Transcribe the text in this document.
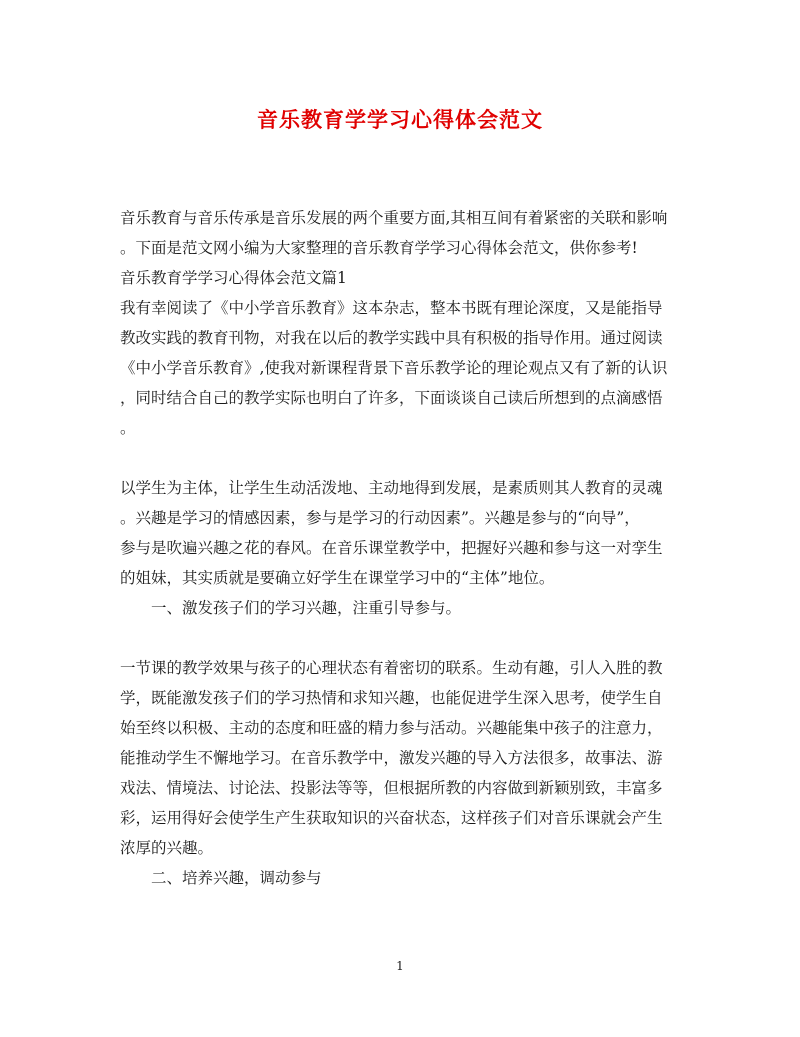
音乐教育学学习心得体会范文
音乐教育与音乐传承是音乐发展的两个重要方面,其相互间有着紧密的关联和影响
。下面是范文网小编为大家整理的音乐教育学学习心得体会范文，供你参考!
音乐教育学学习心得体会范文篇1
我有幸阅读了《中小学音乐教育》这本杂志，整本书既有理论深度，又是能指导
教改实践的教育刊物，对我在以后的教学实践中具有积极的指导作用。通过阅读
《中小学音乐教育》,使我对新课程背景下音乐教学论的理论观点又有了新的认识
，同时结合自己的教学实际也明白了许多，下面谈谈自己读后所想到的点滴感悟
。
以学生为主体，让学生生动活泼地、主动地得到发展，是素质则其人教育的灵魂
。兴趣是学习的情感因素，参与是学习的行动因素”。兴趣是参与的“向导”，
参与是吹遍兴趣之花的春风。在音乐课堂教学中，把握好兴趣和参与这一对孪生
的姐妹，其实质就是要确立好学生在课堂学习中的“主体”地位。
一、激发孩子们的学习兴趣，注重引导参与。
一节课的教学效果与孩子的心理状态有着密切的联系。生动有趣，引人入胜的教
学，既能激发孩子们的学习热情和求知兴趣，也能促进学生深入思考，使学生自
始至终以积极、主动的态度和旺盛的精力参与活动。兴趣能集中孩子的注意力，
能推动学生不懈地学习。在音乐教学中，激发兴趣的导入方法很多，故事法、游
戏法、情境法、讨论法、投影法等等，但根据所教的内容做到新颖别致，丰富多
彩，运用得好会使学生产生获取知识的兴奋状态，这样孩子们对音乐课就会产生
浓厚的兴趣。
二、培养兴趣，调动参与
1
